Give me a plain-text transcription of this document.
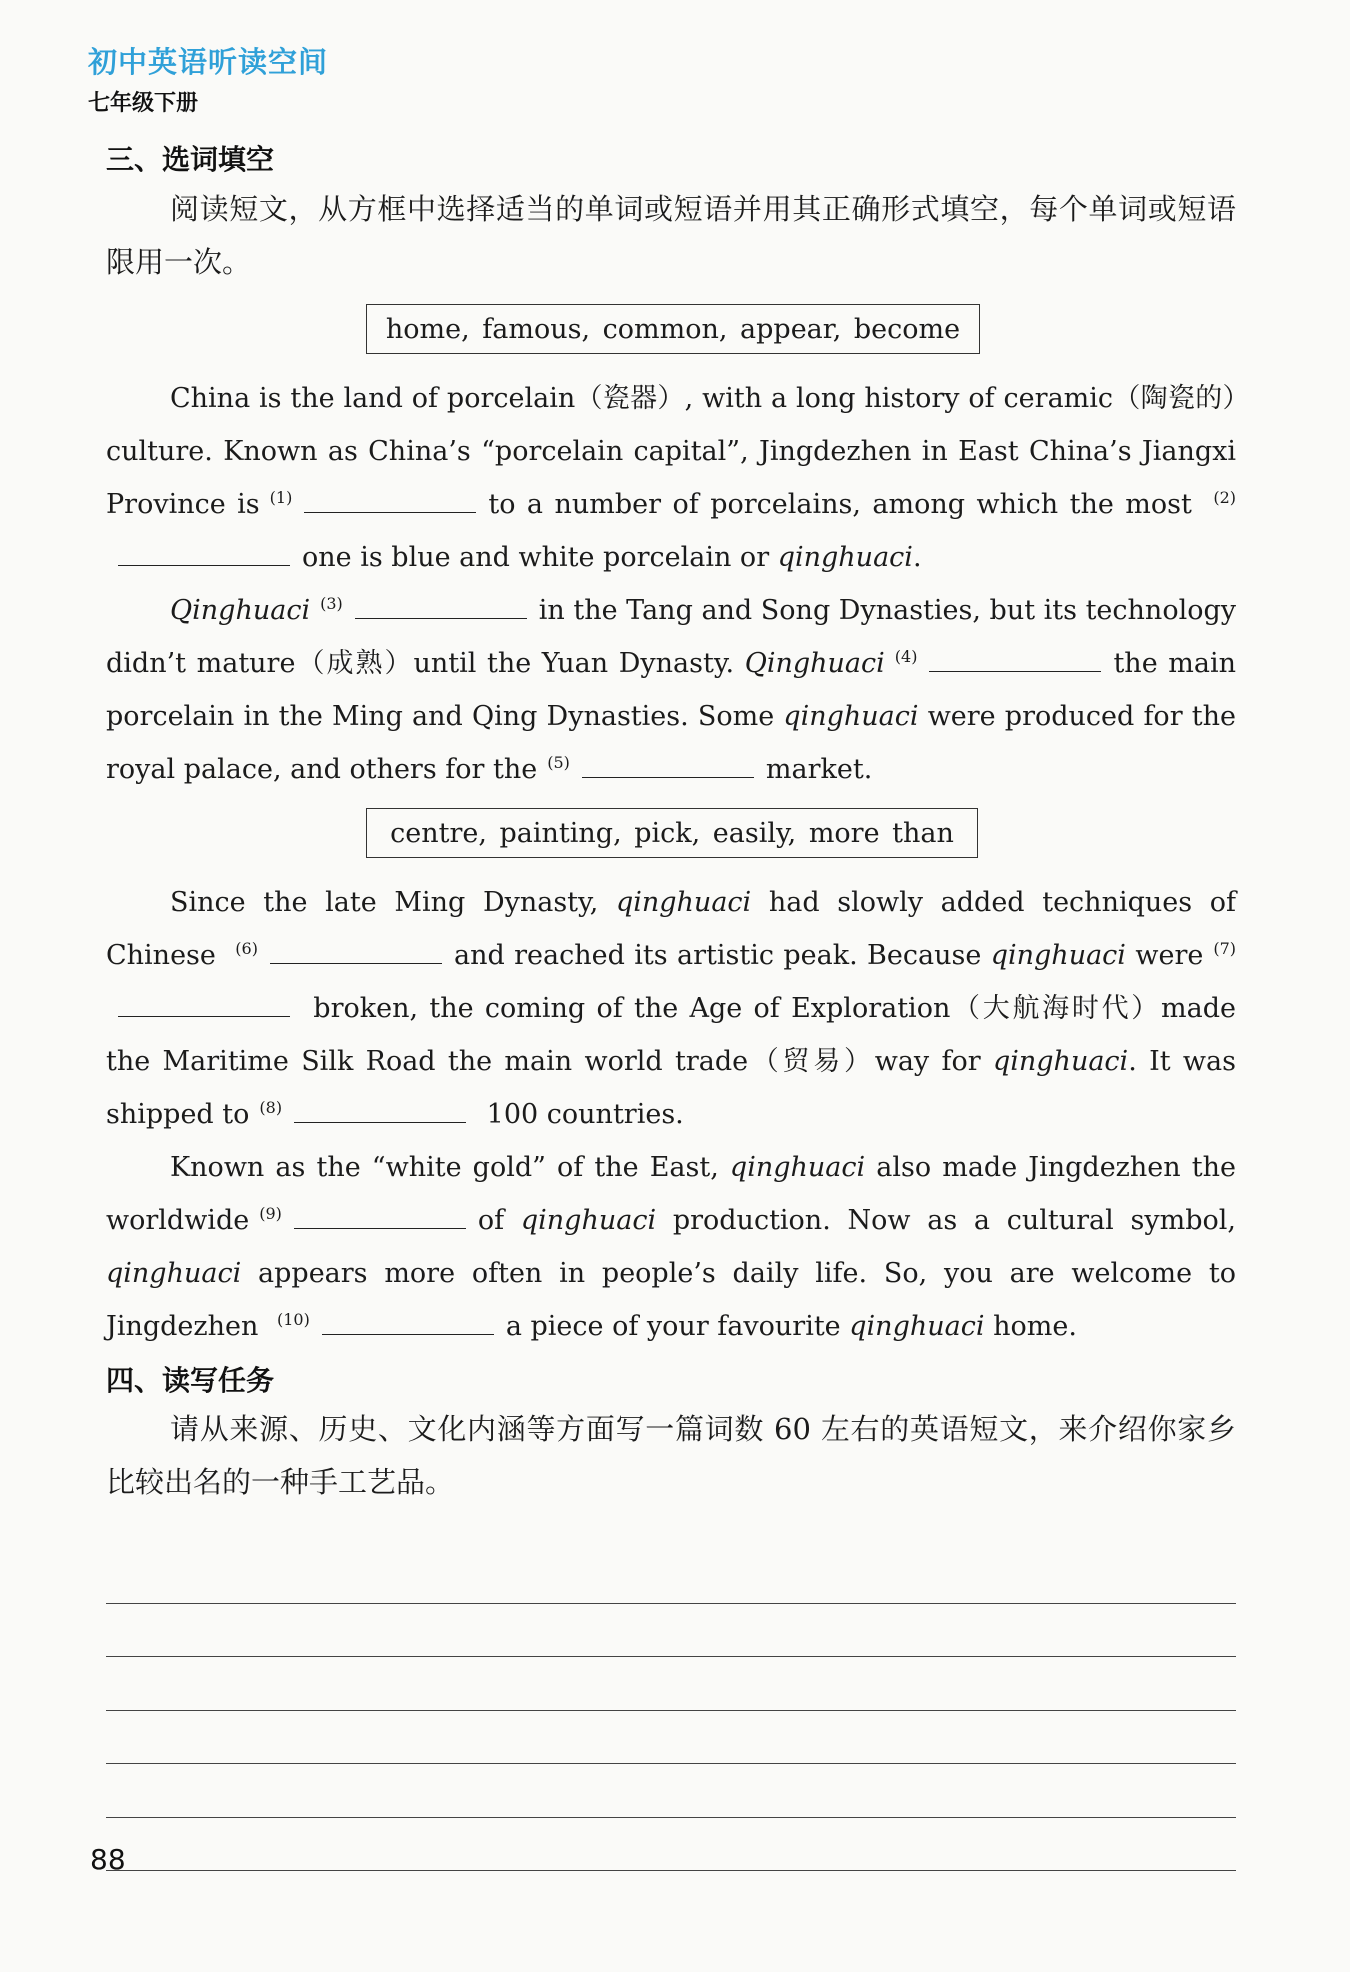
初中英语听读空间
七年级下册
三、选词填空

阅读短文，从方框中选择适当的单词或短语并用其正确形式填空，每个单词或短语限用一次。

home, famous, common, appear, become

China is the land of porcelain（瓷器）, with a long history of ceramic（陶瓷的）culture. Known as China’s “porcelain capital”, Jingdezhen in East China’s Jiangxi Province is $^{(1)}$	to a number of porcelains, among which the most $^{(2)}$one is blue and white porcelain or qinghuaci.

Qinghuaci $^{(3)}$	in the Tang and Song Dynasties, but its technology didn’t mature（成熟）until the Yuan Dynasty. Qinghuaci $^{(4)}$	the main porcelain in the Ming and Qing Dynasties. Some qinghuaci were produced for the royal palace, and others for the $^{(5)}$	market.

centre, painting, pick, easily, more than

Since the late Ming Dynasty, qinghuaci had slowly added techniques of Chinese $^{(6)}$	and reached its artistic peak. Because qinghuaci were $^{(7)}$ broken, the coming of the Age of Exploration（大航海时代）made the Maritime Silk Road the main world trade（贸易）way for qinghuaci. It was shipped to $^{(8)}$	100 countries.

Known as the “white gold” of the East, qinghuaci also made Jingdezhen the worldwide $^{(9)}$	of qinghuaci production. Now as a cultural symbol, qinghuaci appears more often in people’s daily life. So, you are welcome to Jingdezhen $^{(10)}$	a piece of your favourite qinghuaci home.

四、读写任务

请从来源、历史、文化内涵等方面写一篇词数 60 左右的英语短文，来介绍你家乡比较出名的一种手工艺品。

88
